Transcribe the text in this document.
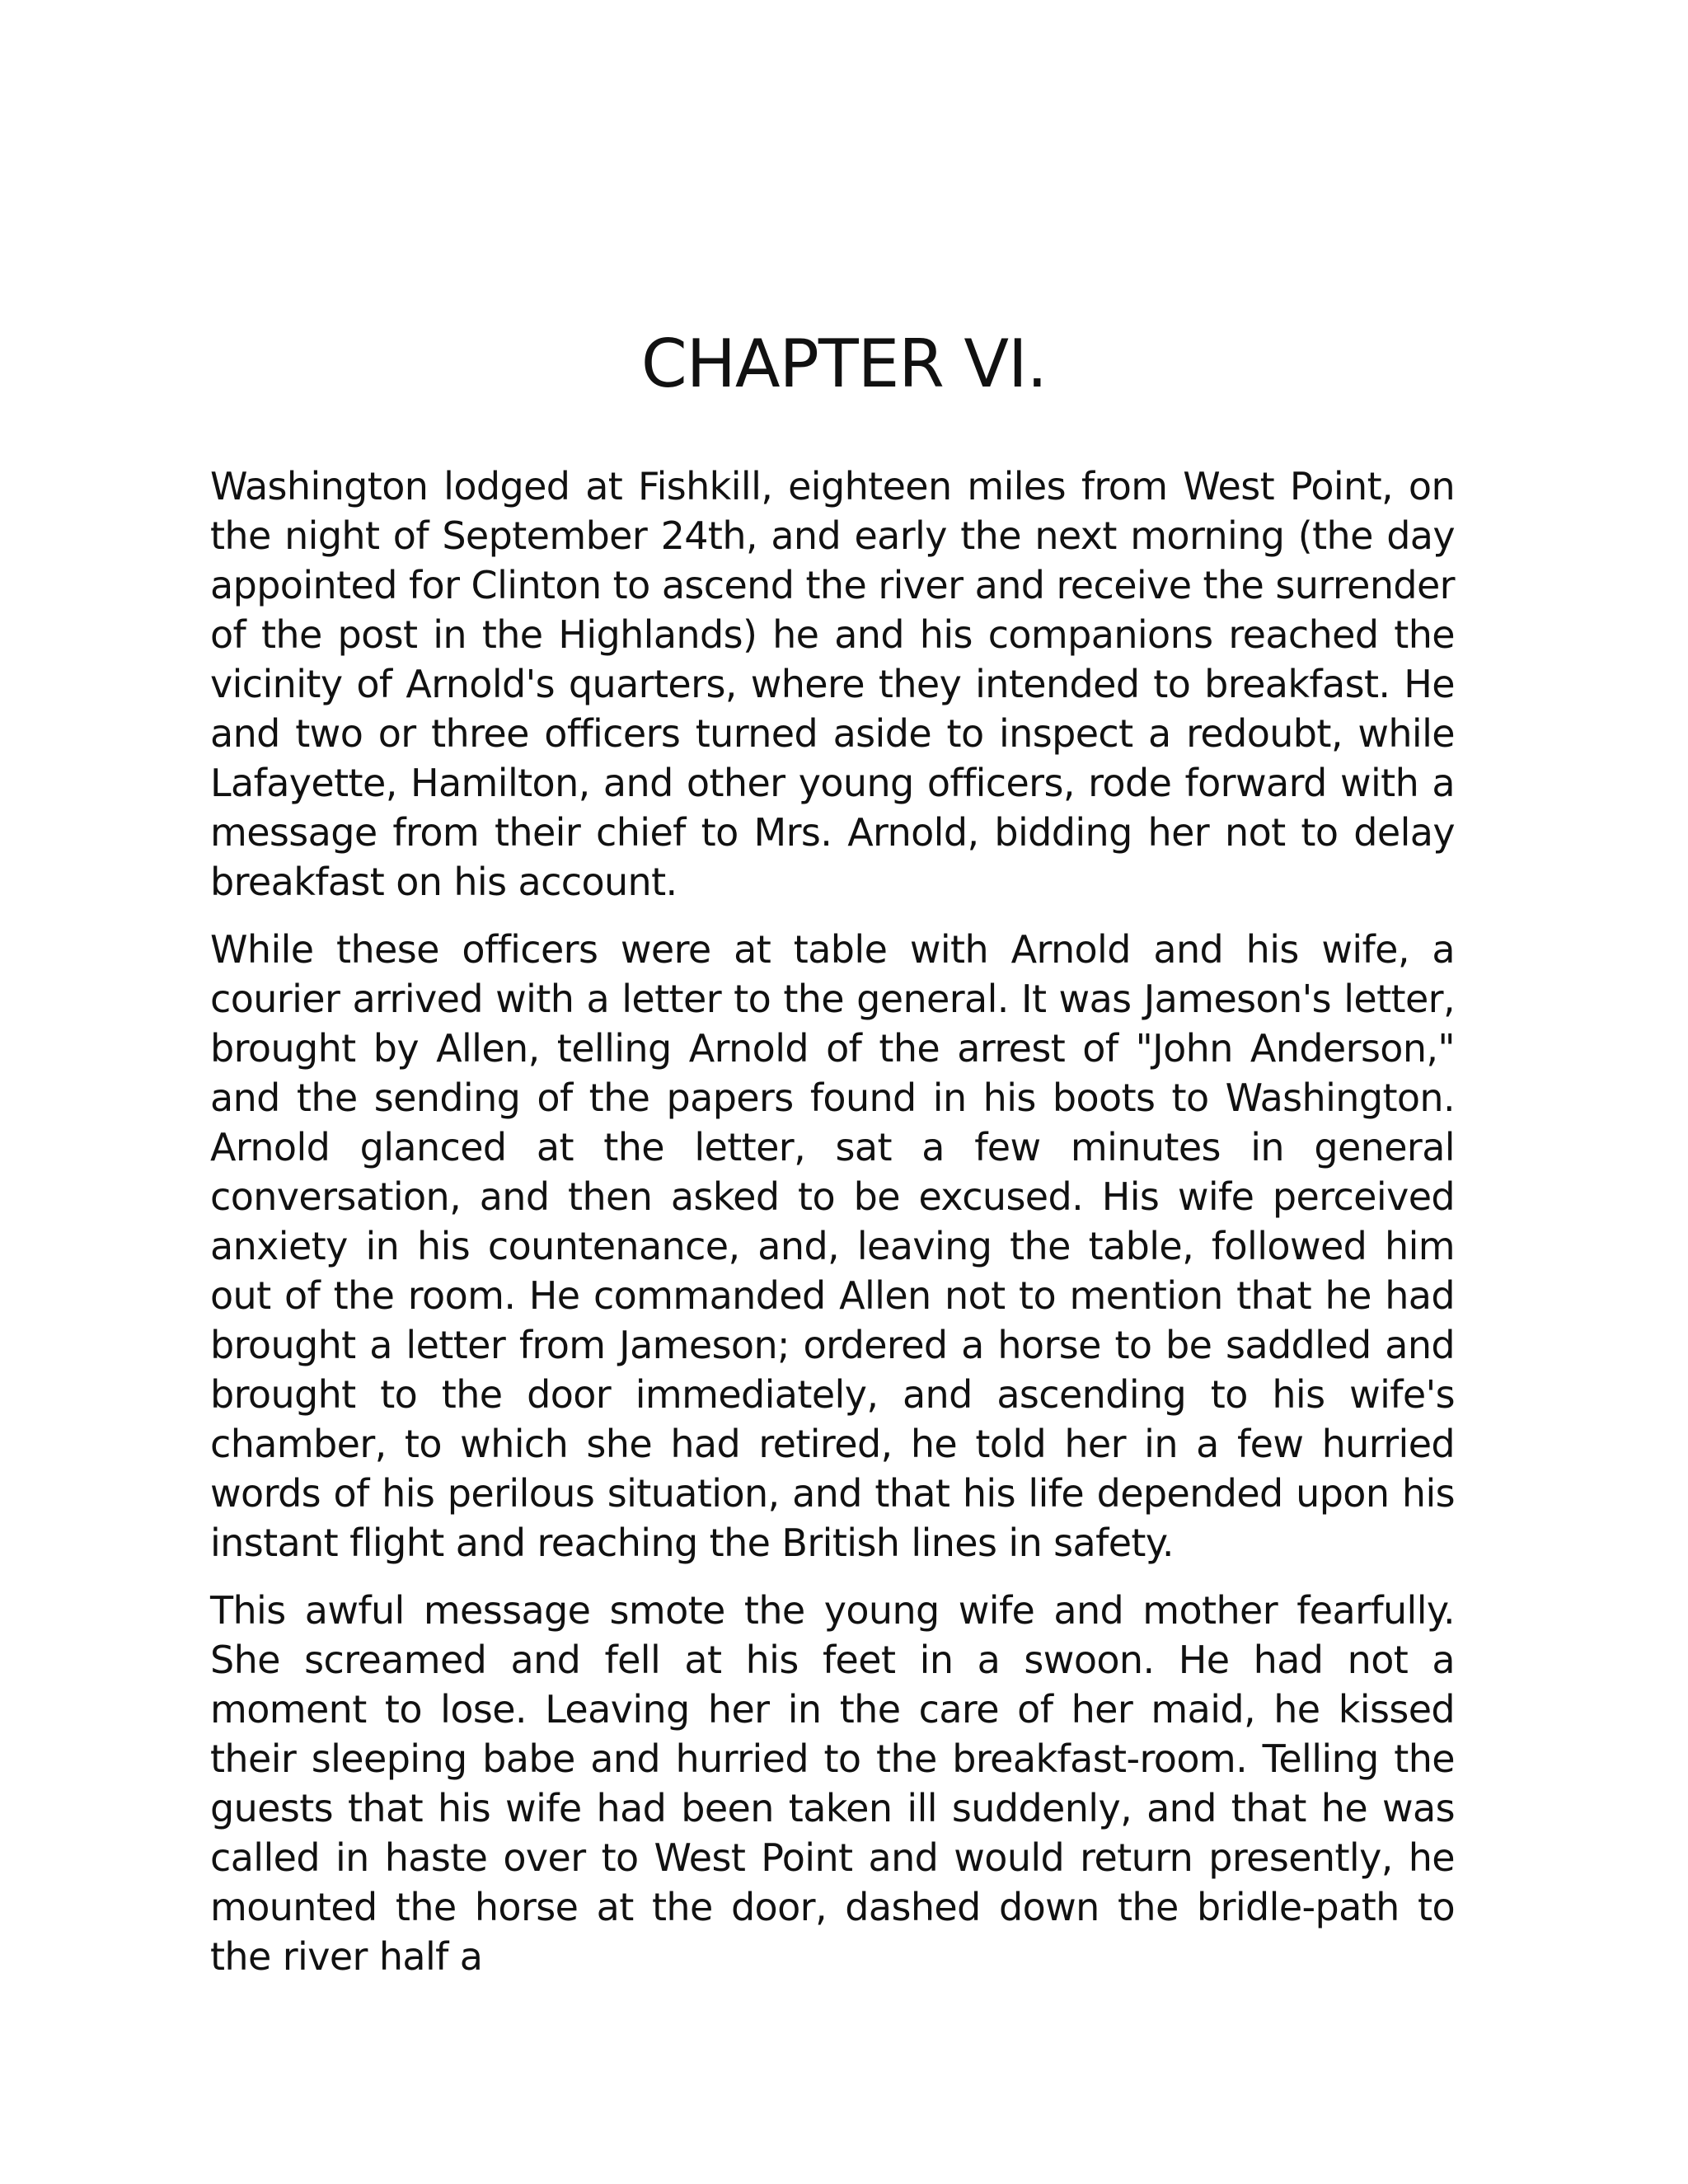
CHAPTER VI.

Washington lodged at Fishkill, eighteen miles from West Point, on the night of September 24th, and early the next morning (the day appointed for Clinton to ascend the river and receive the surrender of the post in the Highlands) he and his companions reached the vicinity of Arnold's quarters, where they intended to breakfast. He and two or three officers turned aside to inspect a redoubt, while Lafayette, Hamilton, and other young officers, rode forward with a message from their chief to Mrs. Arnold, bidding her not to delay breakfast on his account.

While these officers were at table with Arnold and his wife, a courier arrived with a letter to the general. It was Jameson's letter, brought by Allen, telling Arnold of the arrest of "John Anderson," and the sending of the papers found in his boots to Washington. Arnold glanced at the letter, sat a few minutes in general conversation, and then asked to be excused. His wife perceived anxiety in his countenance, and, leaving the table, followed him out of the room. He commanded Allen not to mention that he had brought a letter from Jameson; ordered a horse to be saddled and brought to the door immediately, and ascending to his wife's chamber, to which she had retired, he told her in a few hurried words of his perilous situation, and that his life depended upon his instant flight and reaching the British lines in safety.

This awful message smote the young wife and mother fearfully. She screamed and fell at his feet in a swoon. He had not a moment to lose. Leaving her in the care of her maid, he kissed their sleeping babe and hurried to the breakfast-room. Telling the guests that his wife had been taken ill suddenly, and that he was called in haste over to West Point and would return presently, he mounted the horse at the door, dashed down the bridle-path to the river half a
